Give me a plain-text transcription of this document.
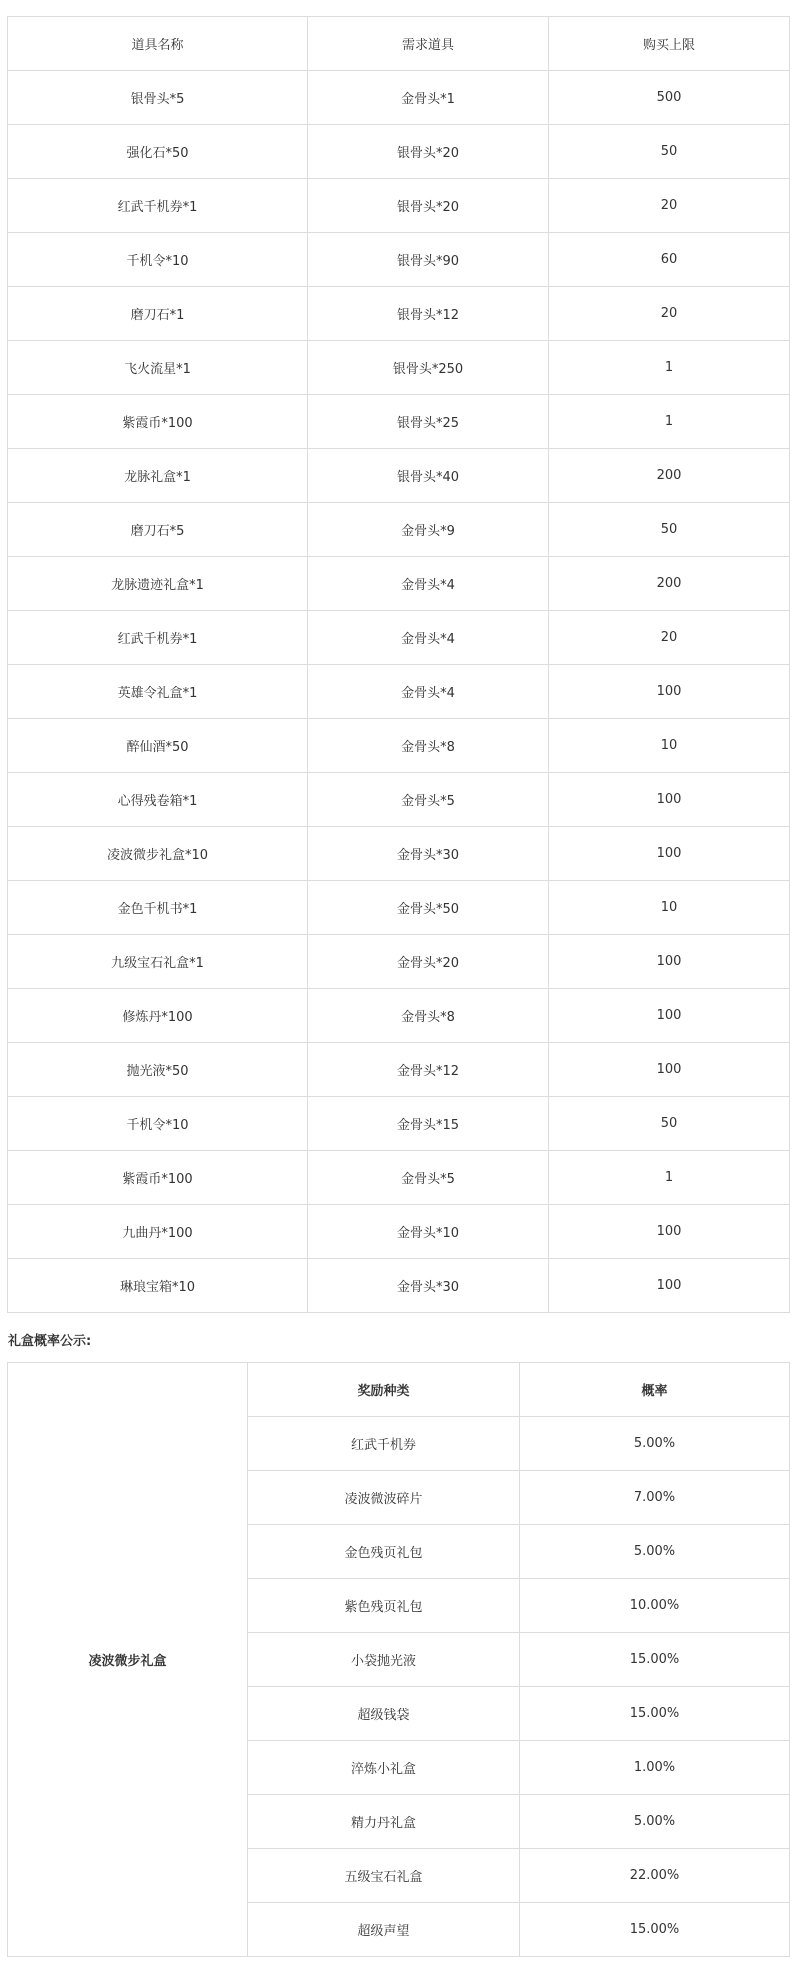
道具名称	需求道具	购买上限
银骨头*5	金骨头*1	500
强化石*50	银骨头*20	50
红武千机券*1	银骨头*20	20
千机令*10	银骨头*90	60
磨刀石*1	银骨头*12	20
飞火流星*1	银骨头*250	1
紫霞币*100	银骨头*25	1
龙脉礼盒*1	银骨头*40	200
磨刀石*5	金骨头*9	50
龙脉遗迹礼盒*1	金骨头*4	200
红武千机券*1	金骨头*4	20
英雄令礼盒*1	金骨头*4	100
醉仙酒*50	金骨头*8	10
心得残卷箱*1	金骨头*5	100
凌波微步礼盒*10	金骨头*30	100
金色千机书*1	金骨头*50	10
九级宝石礼盒*1	金骨头*20	100
修炼丹*100	金骨头*8	100
抛光液*50	金骨头*12	100
千机令*10	金骨头*15	50
紫霞币*100	金骨头*5	1
九曲丹*100	金骨头*10	100
琳琅宝箱*10	金骨头*30	100
礼盒概率公示:
凌波微步礼盒	奖励种类	概率
	红武千机券	5.00%
	凌波微波碎片	7.00%
	金色残页礼包	5.00%
	紫色残页礼包	10.00%
	小袋抛光液	15.00%
	超级钱袋	15.00%
	淬炼小礼盒	1.00%
	精力丹礼盒	5.00%
	五级宝石礼盒	22.00%
	超级声望	15.00%
